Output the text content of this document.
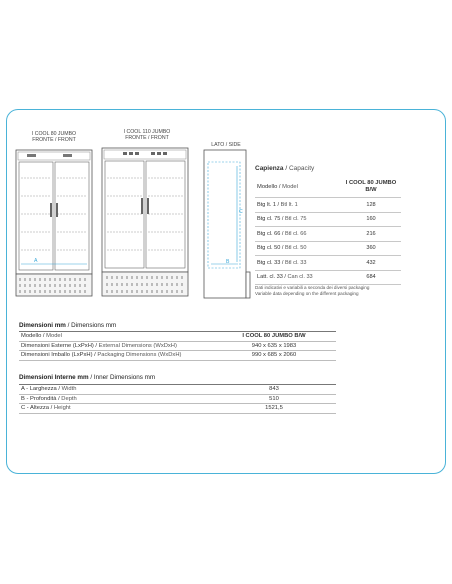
I COOL 80 JUMBO
FRONTE / FRONT
I COOL 110 JUMBO
FRONTE / FRONT
LATO / SIDE
A	B
C
Capienza / Capacity
Modello / Model	I COOL 80 JUMBO B/W
Btg lt. 1 / Btl lt. 1	128
Btg cl. 75 / Btl cl. 75	160
Btg cl. 66 / Btl cl. 66	216
Btg cl. 50 / Btl cl. 50	360
Btg cl. 33 / Btl cl. 33	432
Latt. cl. 33 / Can cl. 33	684
Dati indicativi e variabili a seconda dei diversi packaging
Variable data depending on the different packaging
Dimensioni mm / Dimensions mm
Modello / Model	I COOL 80 JUMBO B/W
Dimensioni Esterne (LxPxH) / External Dimensions (WxDxH)	940 x 635 x 1983
Dimensioni Imballo (LxPxH) / Packaging Dimensions (WxDxH)	990 x 685 x 2060
Dimensioni Interne mm / Inner Dimensions mm
A - Larghezza / Width	843
B - Profondità / Depth	510
C - Altezza / Height	1521,5
